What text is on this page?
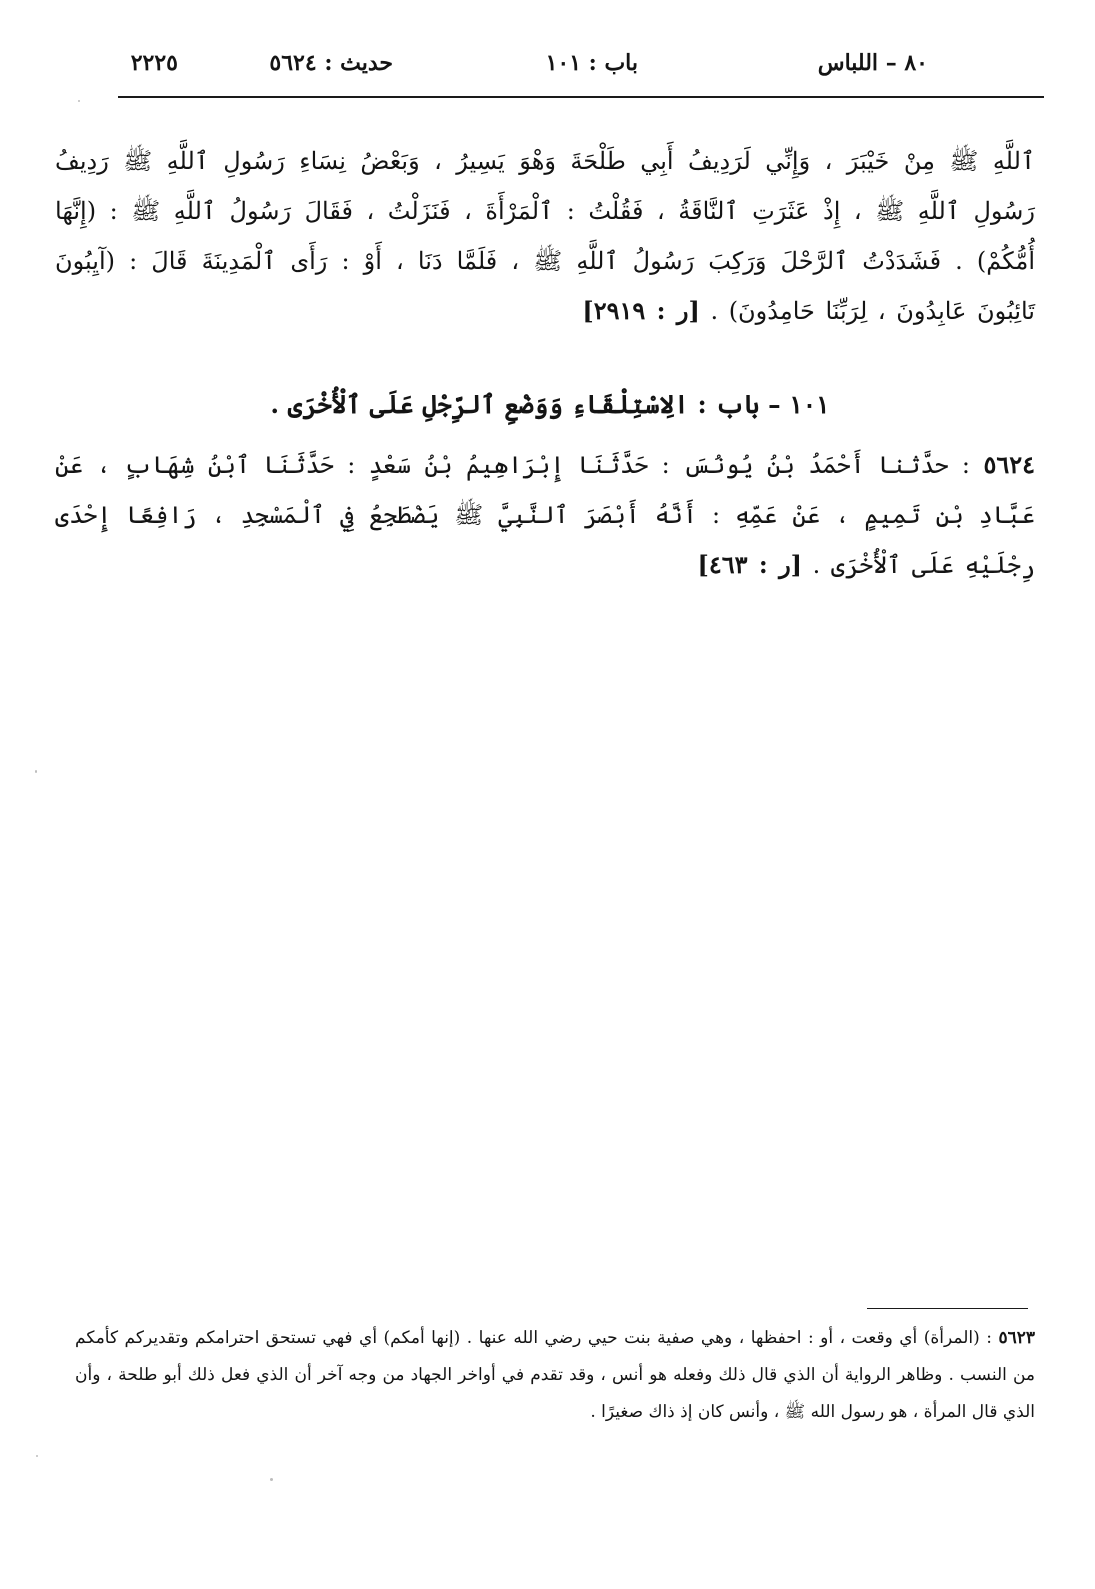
٨٠ – اللباس
باب : ١٠١
حديث : ٥٦٢٤
٢٢٢٥
ٱللَّهِ ﷺ مِنْ خَيْبَرَ ، وَإِنِّي لَرَدِيفُ أَبِي طَلْحَةَ وَهْوَ يَسِيرُ ، وَبَعْضُ نِسَاءِ رَسُولِ ٱللَّهِ ﷺ رَدِيفُ رَسُولِ ٱللَّهِ ﷺ ، إِذْ عَثَرَتِ ٱلنَّاقَةُ ، فَقُلْتُ : ٱلْمَرْأَةَ ، فَنَزَلْتُ ، فَقَالَ رَسُولُ ٱللَّهِ ﷺ : (إِنَّهَا أُمُّكُمْ) . فَشَدَدْتُ ٱلرَّحْلَ وَرَكِبَ رَسُولُ ٱللَّهِ ﷺ ، فَلَمَّا دَنَا ، أَوْ : رَأَى ٱلْمَدِينَةَ قَالَ : (آيِبُونَ تَائِبُونَ عَابِدُونَ ، لِرَبِّنَا حَامِدُونَ) . [ر : ٢٩١٩]
١٠١ – باب : الِاسْتِلْقَاءِ وَوَضْعِ ٱلرِّجْلِ عَلَى ٱلْأُخْرَى .
٥٦٢٤ : حدَّثنا أَحْمَدُ بْنُ يُونُسَ : حَدَّثَنَا إِبْرَاهِيمُ بْنُ سَعْدٍ : حَدَّثَنَا ٱبْنُ شِهَابٍ ، عَنْ عَبَّادِ بْنِ تَمِيمٍ ، عَنْ عَمِّهِ : أَنَّهُ أَبْصَرَ ٱلنَّبِيَّ ﷺ يَضْطَجِعُ فِي ٱلْمَسْجِدِ ، رَافِعًا إِحْدَى رِجْلَيْهِ عَلَى ٱلْأُخْرَى . [ر : ٤٦٣]
٥٦٢٣ : (المرأة) أي وقعت ، أو : احفظها ، وهي صفية بنت حيي رضي الله عنها . (إنها أمكم) أي فهي تستحق احترامكم وتقديركم كأمكم من النسب . وظاهر الرواية أن الذي قال ذلك وفعله هو أنس ، وقد تقدم في أواخر الجهاد من وجه آخر أن الذي فعل ذلك أبو طلحة ، وأن الذي قال المرأة ، هو رسول الله ﷺ ، وأنس كان إذ ذاك صغيرًا .
